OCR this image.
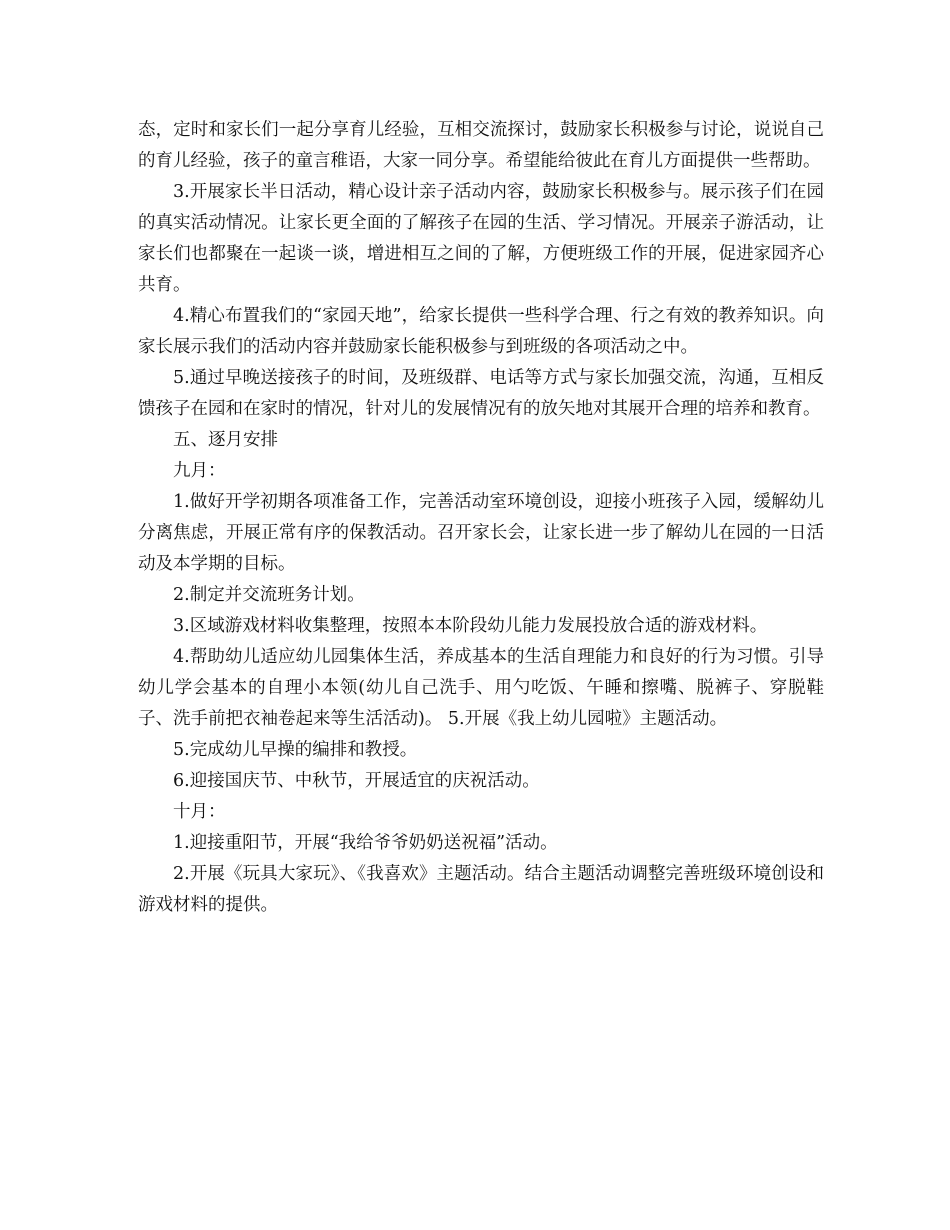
态，定时和家长们一起分享育儿经验，互相交流探讨，鼓励家长积极参与讨论，说说自己的育儿经验，孩子的童言稚语，大家一同分享。希望能给彼此在育儿方面提供一些帮助。

3.开展家长半日活动，精心设计亲子活动内容，鼓励家长积极参与。展示孩子们在园的真实活动情况。让家长更全面的了解孩子在园的生活、学习情况。开展亲子游活动，让家长们也都聚在一起谈一谈，增进相互之间的了解，方便班级工作的开展，促进家园齐心共育。

4.精心布置我们的“家园天地”，给家长提供一些科学合理、行之有效的教养知识。向家长展示我们的活动内容并鼓励家长能积极参与到班级的各项活动之中。

5.通过早晚送接孩子的时间，及班级群、电话等方式与家长加强交流，沟通，互相反馈孩子在园和在家时的情况，针对儿的发展情况有的放矢地对其展开合理的培养和教育。

五、逐月安排

九月：

1.做好开学初期各项准备工作，完善活动室环境创设，迎接小班孩子入园，缓解幼儿分离焦虑，开展正常有序的保教活动。召开家长会，让家长进一步了解幼儿在园的一日活动及本学期的目标。

2.制定并交流班务计划。

3.区域游戏材料收集整理，按照本本阶段幼儿能力发展投放合适的游戏材料。

4.帮助幼儿适应幼儿园集体生活，养成基本的生活自理能力和良好的行为习惯。引导幼儿学会基本的自理小本领(幼儿自己洗手、用勺吃饭、午睡和擦嘴、脱裤子、穿脱鞋子、洗手前把衣袖卷起来等生活活动)。 5.开展《我上幼儿园啦》主题活动。

5.完成幼儿早操的编排和教授。

6.迎接国庆节、中秋节，开展适宜的庆祝活动。

十月：

1.迎接重阳节，开展“我给爷爷奶奶送祝福”活动。

2.开展《玩具大家玩》、《我喜欢》主题活动。结合主题活动调整完善班级环境创设和游戏材料的提供。
